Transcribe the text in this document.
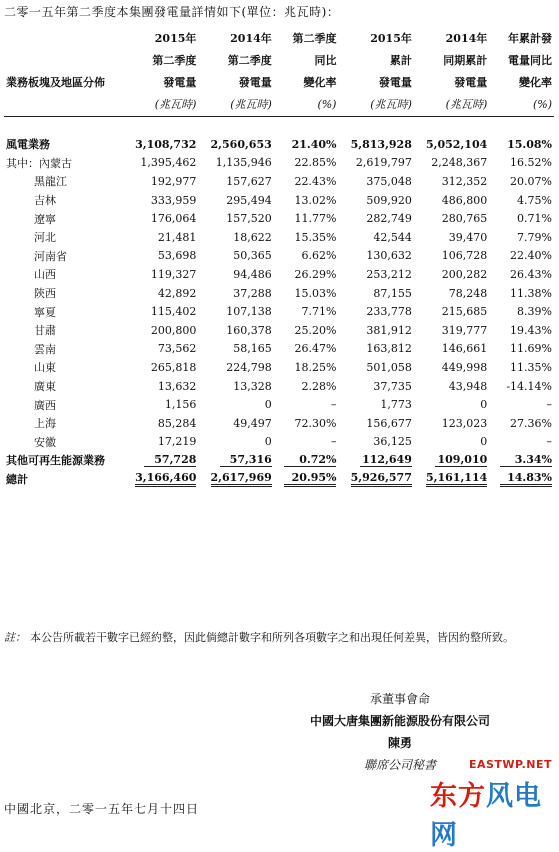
二零一五年第二季度本集團發電量詳情如下(單位：兆瓦時)：
	2015年	2014年	第二季度	2015年	2014年	年累計發
	第二季度	第二季度	同比	累計	同期累計	電量同比
業務板塊及地區分佈	發電量	發電量	變化率	發電量	發電量	變化率
	(兆瓦時)	(兆瓦時)	(%)	(兆瓦時)	(兆瓦時)	(%)
風電業務	3,108,732	2,560,653	21.40%	5,813,928	5,052,104	15.08%
其中：內蒙古	1,395,462	1,135,946	22.85%	2,619,797	2,248,367	16.52%
黑龍江	192,977	157,627	22.43%	375,048	312,352	20.07%
吉林	333,959	295,494	13.02%	509,920	486,800	4.75%
遼寧	176,064	157,520	11.77%	282,749	280,765	0.71%
河北	21,481	18,622	15.35%	42,544	39,470	7.79%
河南省	53,698	50,365	6.62%	130,632	106,728	22.40%
山西	119,327	94,486	26.29%	253,212	200,282	26.43%
陝西	42,892	37,288	15.03%	87,155	78,248	11.38%
寧夏	115,402	107,138	7.71%	233,778	215,685	8.39%
甘肅	200,800	160,378	25.20%	381,912	319,777	19.43%
雲南	73,562	58,165	26.47%	163,812	146,661	11.69%
山東	265,818	224,798	18.25%	501,058	449,998	11.35%
廣東	13,632	13,328	2.28%	37,735	43,948	-14.14%
廣西	1,156	0	–	1,773	0	–
上海	85,284	49,497	72.30%	156,677	123,023	27.36%
安徽	17,219	0	–	36,125	0	–
其他可再生能源業務	57,728	57,316	0.72%	112,649	109,010	3.34%
總計	3,166,460	2,617,969	20.95%	5,926,577	5,161,114	14.83%
註： 本公告所載若干數字已經約整，因此倘總計數字和所列各項數字之和出現任何差異，皆因約整所致。
承董事會命
中國大唐集團新能源股份有限公司
陳勇
聯席公司秘書
中國北京，二零一五年七月十四日
EASTWP.NET
东方风电网
